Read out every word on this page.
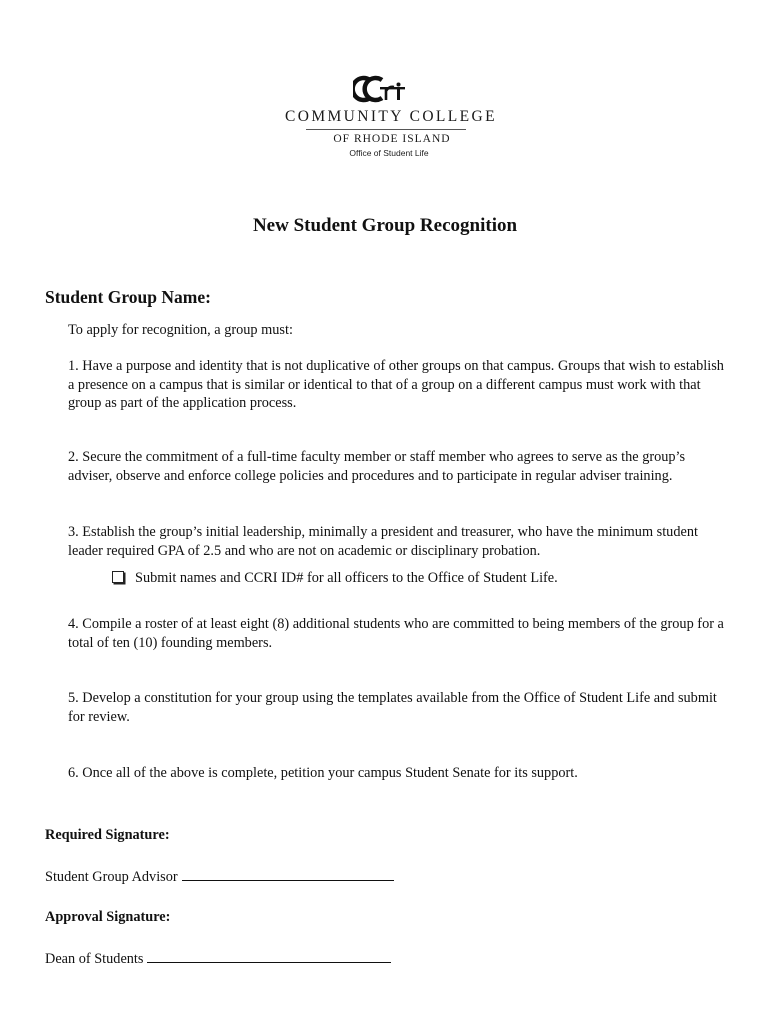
COMMUNITY COLLEGE
OF RHODE ISLAND
Office of Student Life
New Student Group Recognition
Student Group Name:

To apply for recognition, a group must:

1. Have a purpose and identity that is not duplicative of other groups on that campus. Groups that wish to establish a presence on a campus that is similar or identical to that of a group on a different campus must work with that group as part of the application process.

2. Secure the commitment of a full-time faculty member or staff member who agrees to serve as the group’s adviser, observe and enforce college policies and procedures and to participate in regular adviser training.

3. Establish the group’s initial leadership, minimally a president and treasurer, who have the minimum student leader required GPA of 2.5 and who are not on academic or disciplinary probation.

Submit names and CCRI ID# for all officers to the Office of Student Life.

4. Compile a roster of at least eight (8) additional students who are committed to being members of the group for a total of ten (10) founding members.

5. Develop a constitution for your group using the templates available from the Office of Student Life and submit for review.

6. Once all of the above is complete, petition your campus Student Senate for its support.

Required Signature:

Student Group Advisor

Approval Signature:

Dean of Students
